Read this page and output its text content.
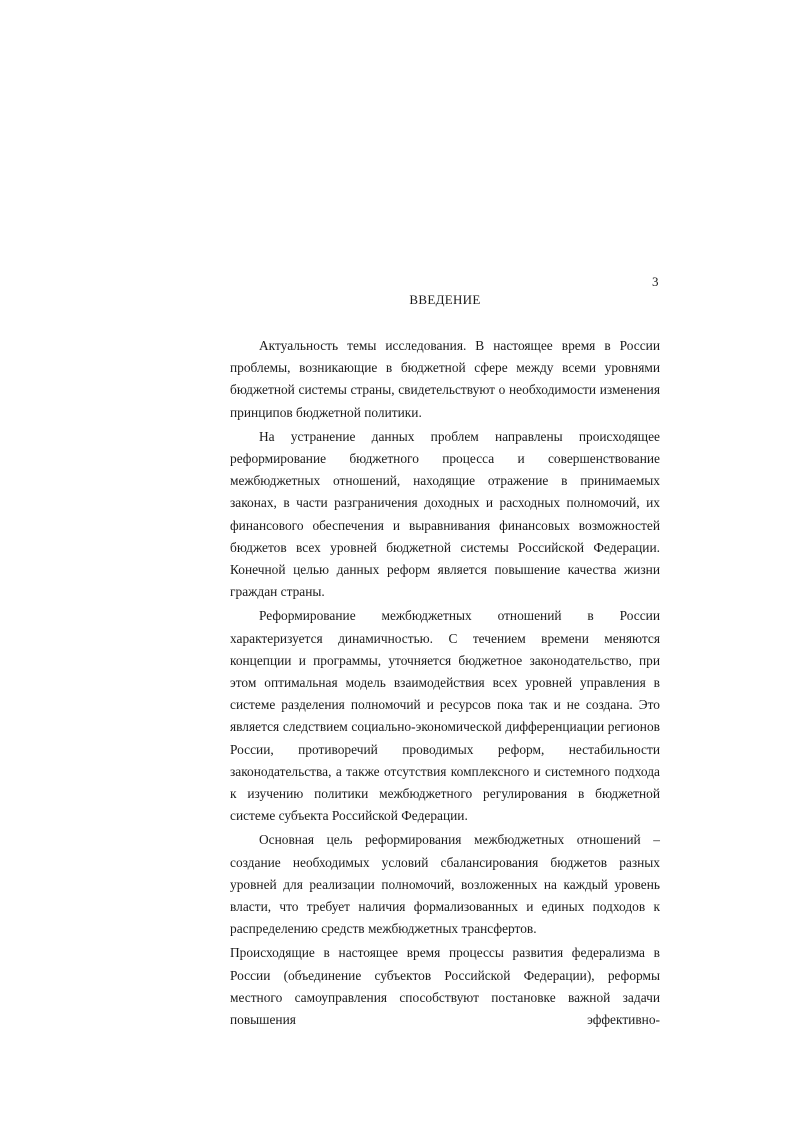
3
ВВЕДЕНИЕ

Актуальность темы исследования. В настоящее время в России проблемы, возникающие в бюджетной сфере между всеми уровнями бюджетной системы страны, свидетельствуют о необходимости изменения принципов бюджетной политики.

На устранение данных проблем направлены происходящее реформирование бюджетного процесса и совершенствование межбюджетных отношений, находящие отражение в принимаемых законах, в части разграничения доходных и расходных полномочий, их финансового обеспечения и выравнивания финансовых возможностей бюджетов всех уровней бюджетной системы Российской Федерации. Конечной целью данных реформ является повышение качества жизни граждан страны.

Реформирование межбюджетных отношений в России характеризуется динамичностью. С течением времени меняются концепции и программы, уточняется бюджетное законодательство, при этом оптимальная модель взаимодействия всех уровней управления в системе разделения полномочий и ресурсов пока так и не создана. Это является следствием социально-экономической дифференциации регионов России, противоречий проводимых реформ, нестабильности законодательства, а также отсутствия комплексного и системного подхода к изучению политики межбюджетного регулирования в бюджетной системе субъекта Российской Федерации.

Основная цель реформирования межбюджетных отношений – создание необходимых условий сбалансирования бюджетов разных уровней для реализации полномочий, возложенных на каждый уровень власти, что требует наличия формализованных и единых подходов к распределению средств межбюджетных трансфертов.

Происходящие в настоящее время процессы развития федерализма в России (объединение субъектов Российской Федерации), реформы местного самоуправления способствуют постановке важной задачи повышения эффективно-
